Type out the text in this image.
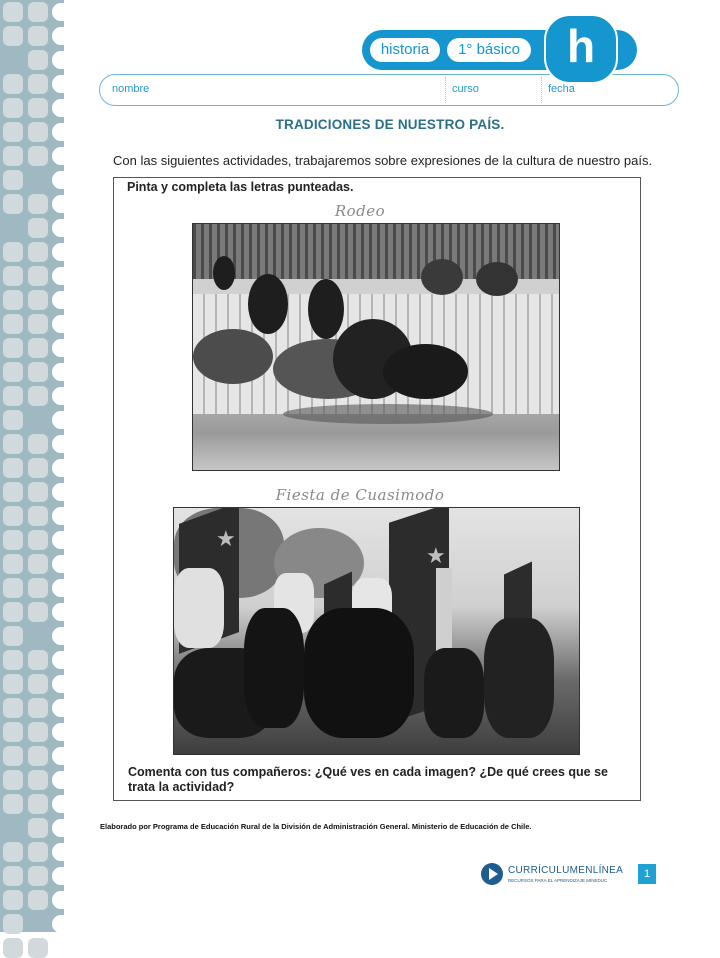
historia	1° básico
nombre	curso	fecha
h
TRADICIONES DE NUESTRO PAÍS.
Con las siguientes actividades, trabajaremos sobre expresiones de la cultura de nuestro país.
Pinta y completa las letras punteadas.
Rodeo
Fiesta de Cuasimodo
★
★
Comenta con tus compañeros: ¿Qué ves en cada imagen? ¿De qué crees que se trata la actividad?
Elaborado por Programa de Educación Rural de la División de Administración General. Ministerio de Educación de Chile.
CURRÍCULUMENLÍNEA
RECURSOS PARA EL APRENDIZAJE MINEDUC
1
